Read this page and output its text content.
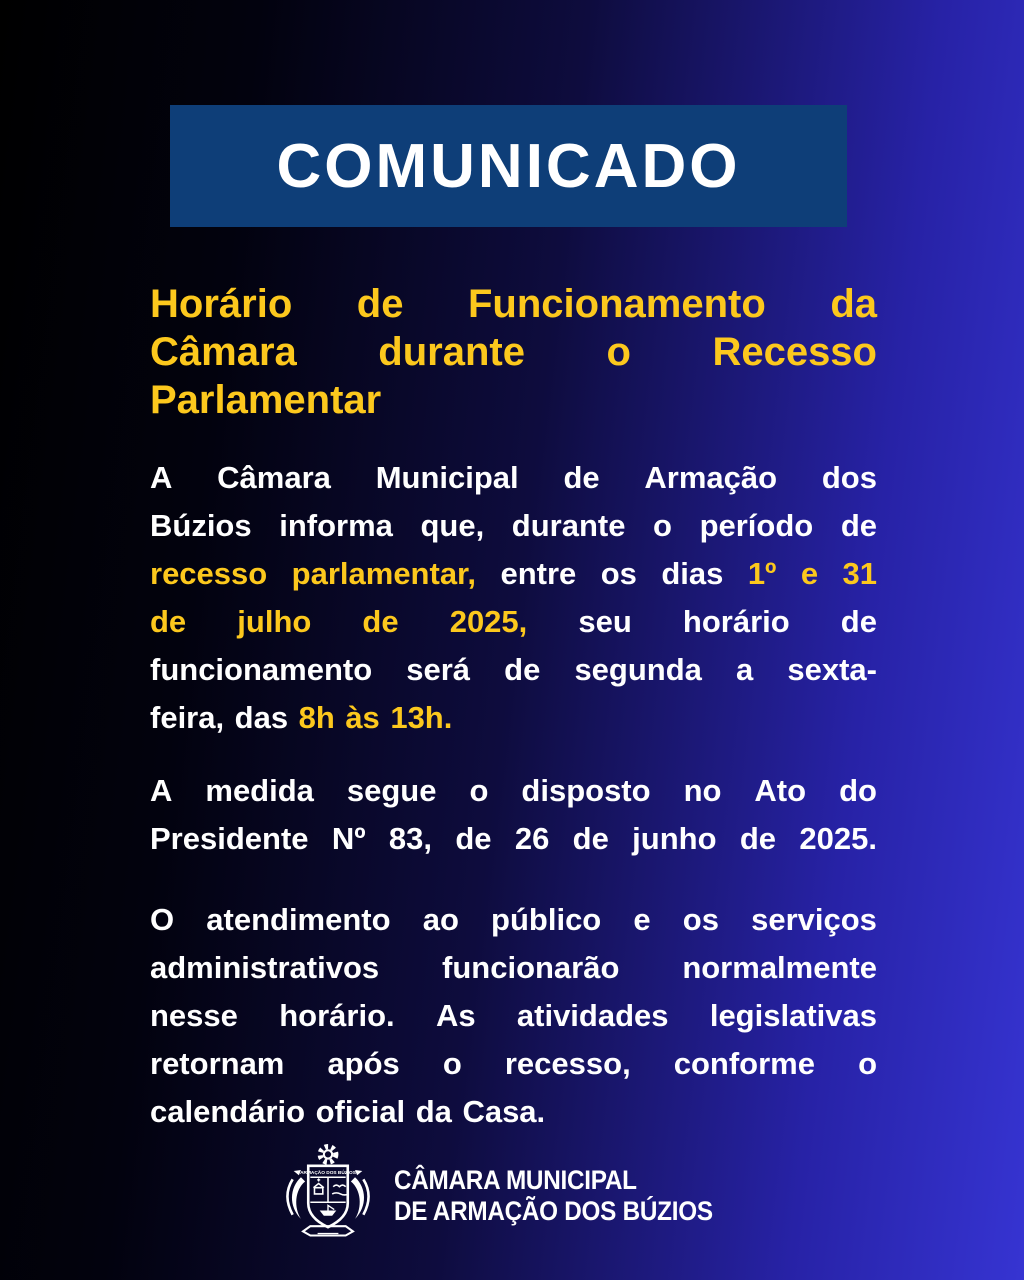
COMUNICADO
Horário de Funcionamento da
Câmara durante o Recesso
Parlamentar
A Câmara Municipal de Armação dos
Búzios informa que, durante o período de
recesso parlamentar, entre os dias 1º e 31
de julho de 2025, seu horário de
funcionamento será de segunda a sexta-
feira, das 8h às 13h.
A medida segue o disposto no Ato do
Presidente Nº 83, de 26 de junho de 2025.
O atendimento ao público e os serviços
administrativos funcionarão normalmente
nesse horário. As atividades legislativas
retornam após o recesso, conforme o
calendário oficial da Casa.
ARMAÇÃO DOS BÚZIOS CÂMARA MUNICIPAL
DE ARMAÇÃO DOS BÚZIOS
